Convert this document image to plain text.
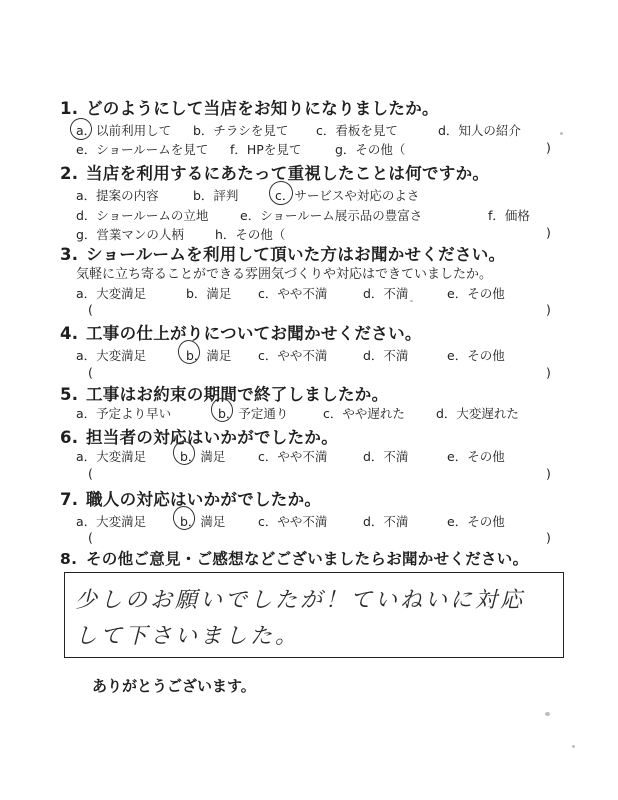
1. どのようにして当店をお知りになりましたか。
a．以前利用して b．チラシを見て c．看板を見て	d．知人の紹介
e．ショールームを見て f．HPを見て	g．その他（	)
2. 当店を利用するにあたって重視したことは何ですか。
a．提案の内容	b．評判	c．サービスや対応のよさ
d．ショールームの立地	e．ショールーム展示品の豊富さ	f．価格
g．営業マンの人柄 h．その他（	)
3. ショールームを利用して頂いた方はお聞かせください。
気軽に立ち寄ることができる雰囲気づくりや対応はできていましたか。
a．大変満足	b．満足 c．やや不満	d．不満	e．その他
(	)
4. 工事の仕上がりについてお聞かせください。
a．大変満足	b．満足 c．やや不満	d．不満	e．その他
(	)
5. 工事はお約束の期間で終了しましたか。
a．予定より早い	b．予定通り	c．やや遅れた d．大変遅れた
6. 担当者の対応はいかがでしたか。
a．大変満足	b．満足	c．やや不満	d．不満	e．その他
(	)
7. 職人の対応はいかがでしたか。
a．大変満足	b．満足	c．やや不満	d．不満	e．その他
(	)
8. その他ご意見・ご感想などございましたらお聞かせください。
少しのお願いでしたが！ていねいに対応
して下さいました。
ありがとうございます。
